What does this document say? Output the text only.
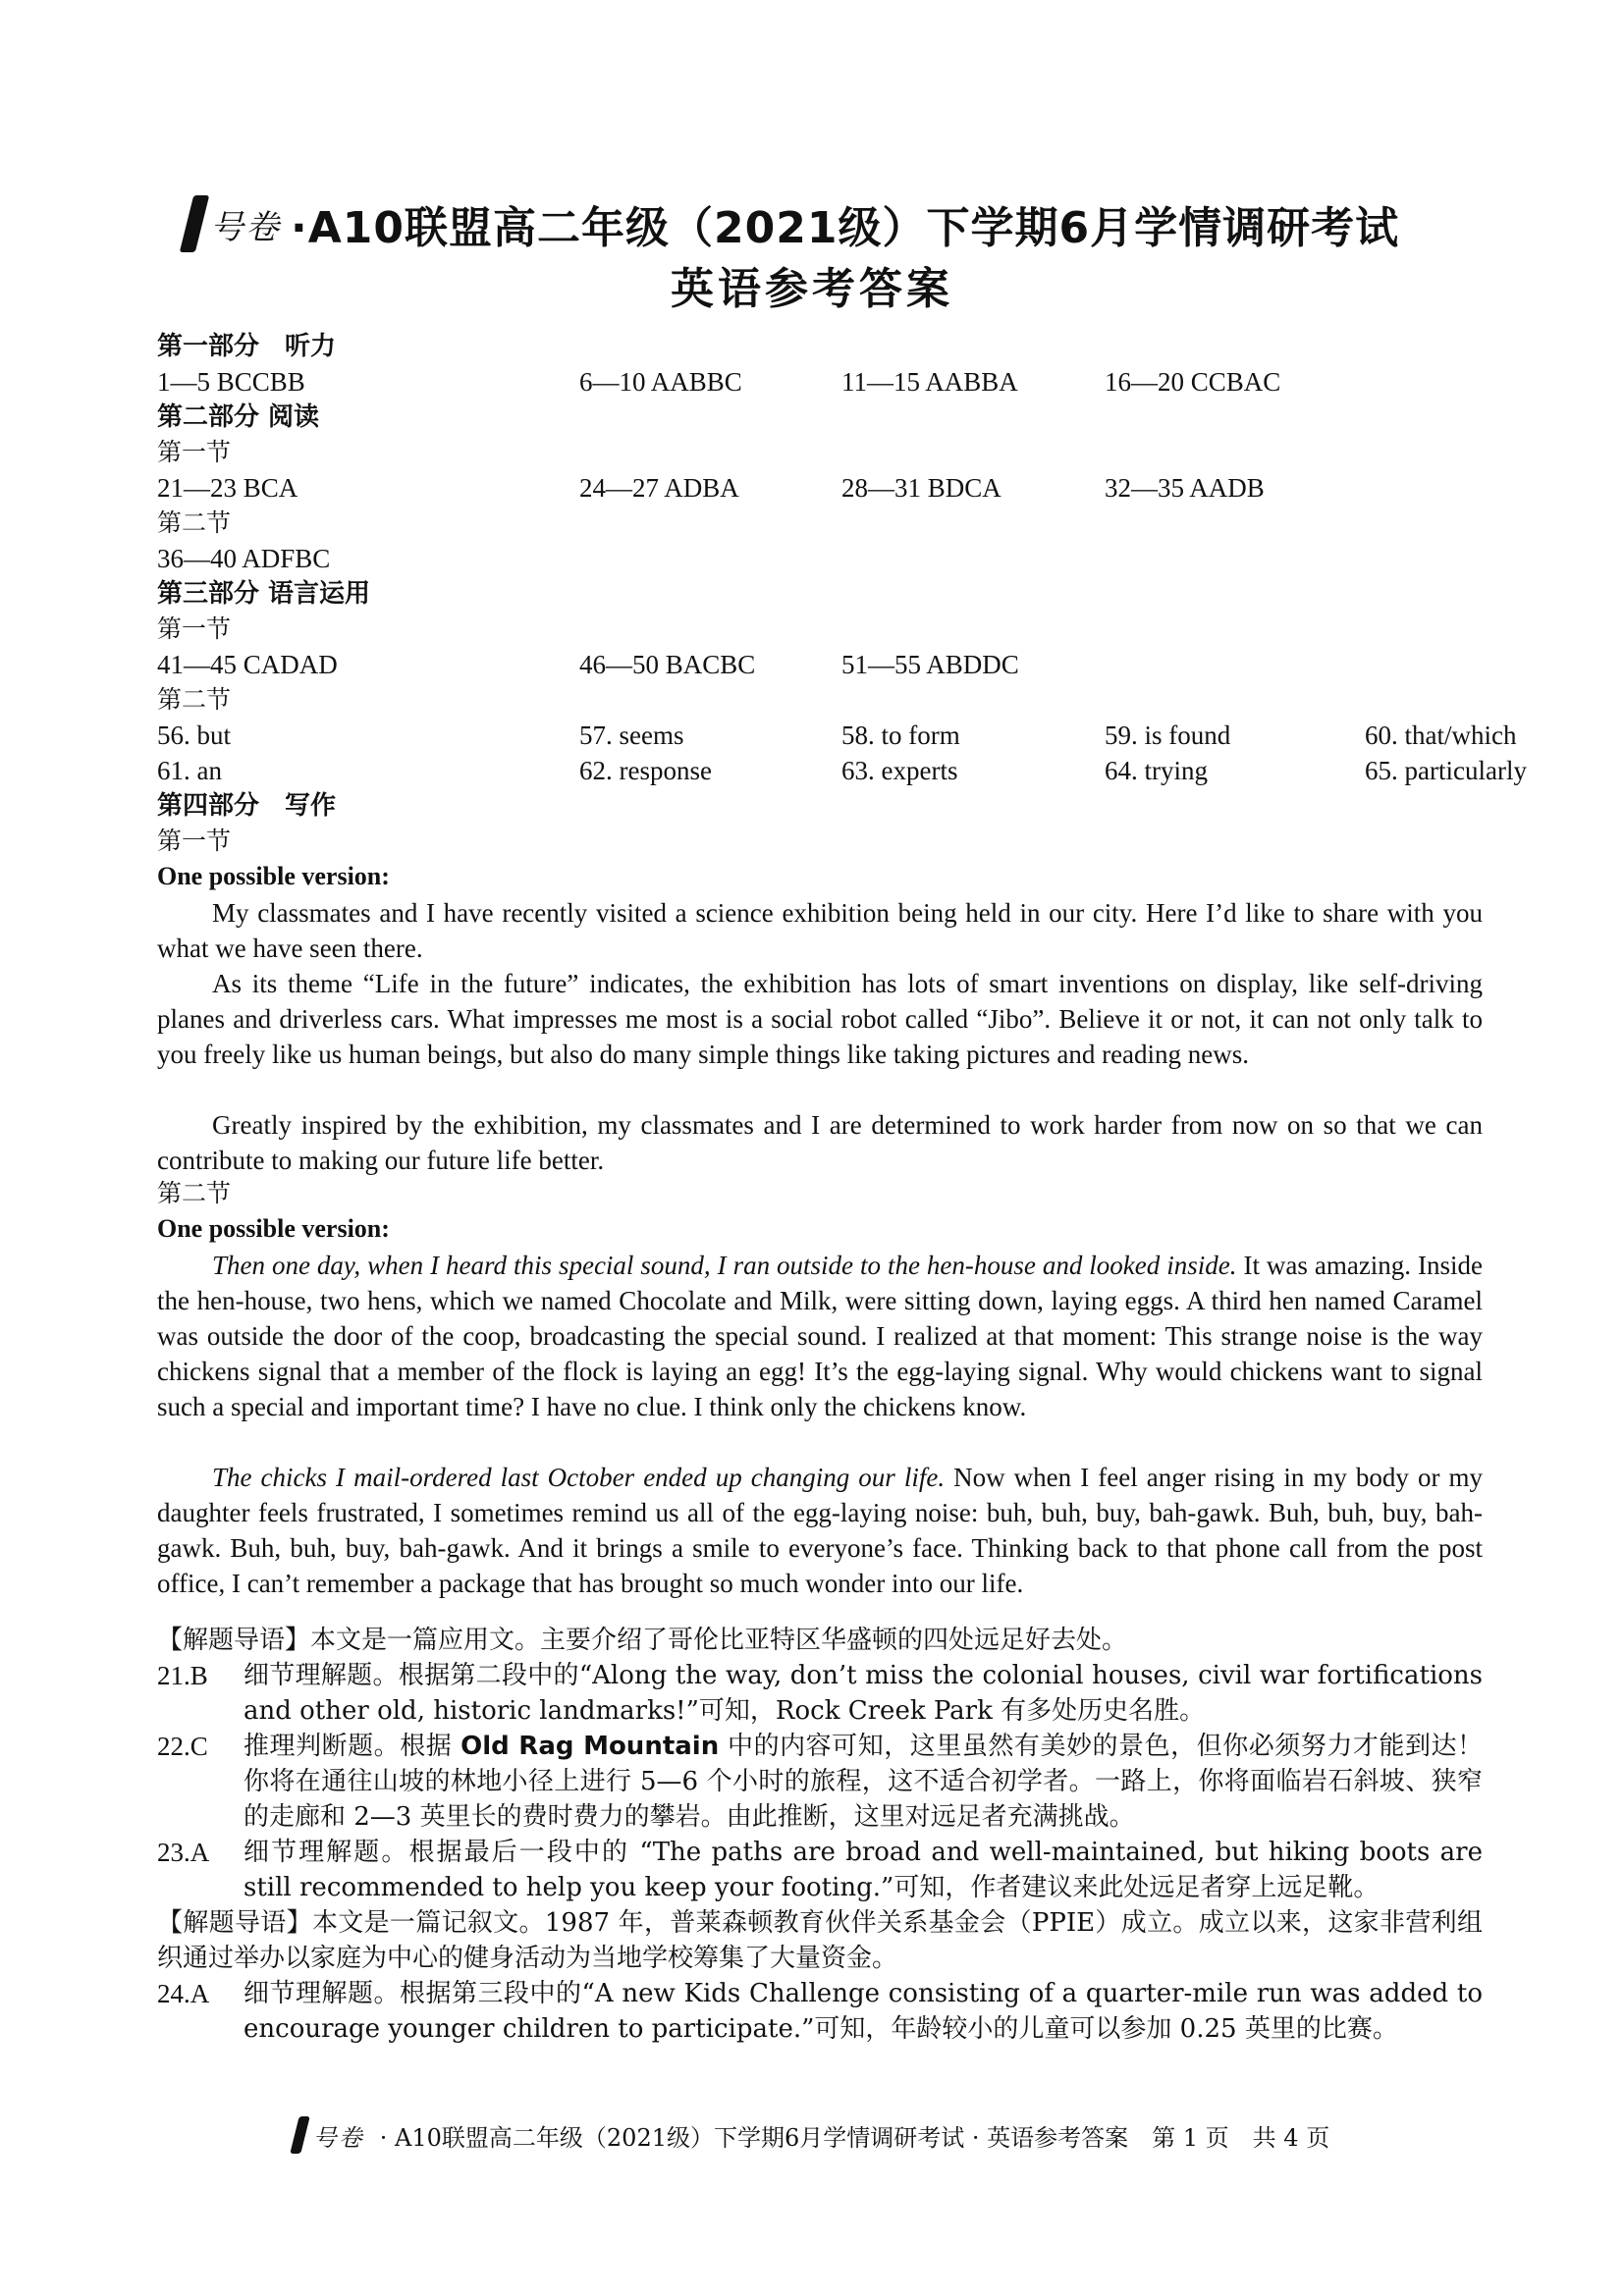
号卷 ·A10联盟高二年级（2021级）下学期6月学情调研考试
英语参考答案
第一部分　听力
1—5 BCCBB	6—10 AABBC	11—15 AABBA	16—20 CCBAC
第二部分 阅读
第一节
21—23 BCA	24—27 ADBA	28—31 BDCA	32—35 AADB
第二节
36—40 ADFBC
第三部分 语言运用
第一节
41—45 CADAD	46—50 BACBC	51—55 ABDDC
第二节
56. but	57. seems	58. to form	59. is found	60. that/which
61. an	62. response	63. experts	64. trying	65. particularly
第四部分　写作
第一节
One possible version:
My classmates and I have recently visited a science exhibition being held in our city. Here I’d like to share with you what we have seen there.
As its theme “Life in the future” indicates, the exhibition has lots of smart inventions on display, like self-driving planes and driverless cars. What impresses me most is a social robot called “Jibo”. Believe it or not, it can not only talk to you freely like us human beings, but also do many simple things like taking pictures and reading news.
Greatly inspired by the exhibition, my classmates and I are determined to work harder from now on so that we can contribute to making our future life better.
第二节
One possible version:
Then one day, when I heard this special sound, I ran outside to the hen-house and looked inside. It was amazing. Inside the hen-house, two hens, which we named Chocolate and Milk, were sitting down, laying eggs. A third hen named Caramel was outside the door of the coop, broadcasting the special sound. I realized at that moment: This strange noise is the way chickens signal that a member of the flock is laying an egg! It’s the egg-laying signal. Why would chickens want to signal such a special and important time? I have no clue. I think only the chickens know.
The chicks I mail-ordered last October ended up changing our life. Now when I feel anger rising in my body or my daughter feels frustrated, I sometimes remind us all of the egg-laying noise: buh, buh, buy, bah-gawk. Buh, buh, buy, bah-gawk. Buh, buh, buy, bah-gawk. And it brings a smile to everyone’s face. Thinking back to that phone call from the post office, I can’t remember a package that has brought so much wonder into our life.
【解题导语】本文是一篇应用文。主要介绍了哥伦比亚特区华盛顿的四处远足好去处。
21.B 细节理解题。根据第二段中的“Along the way, don’t miss the colonial houses, civil war fortifications and other old, historic landmarks!”可知，Rock Creek Park 有多处历史名胜。
22.C 推理判断题。根据 Old Rag Mountain 中的内容可知，这里虽然有美妙的景色，但你必须努力才能到达！你将在通往山坡的林地小径上进行 5—6 个小时的旅程，这不适合初学者。一路上，你将面临岩石斜坡、狭窄的走廊和 2—3 英里长的费时费力的攀岩。由此推断，这里对远足者充满挑战。
23.A 细节理解题。根据最后一段中的 “The paths are broad and well-maintained, but hiking boots are still recommended to help you keep your footing.”可知，作者建议来此处远足者穿上远足靴。
【解题导语】本文是一篇记叙文。1987 年，普莱森顿教育伙伴关系基金会（PPIE）成立。成立以来，这家非营利组织通过举办以家庭为中心的健身活动为当地学校筹集了大量资金。
24.A 细节理解题。根据第三段中的“A new Kids Challenge consisting of a quarter-mile run was added to encourage younger children to participate.”可知，年龄较小的儿童可以参加 0.25 英里的比赛。
号卷 · A10联盟高二年级（2021级）下学期6月学情调研考试 · 英语参考答案　第 1 页　共 4 页
